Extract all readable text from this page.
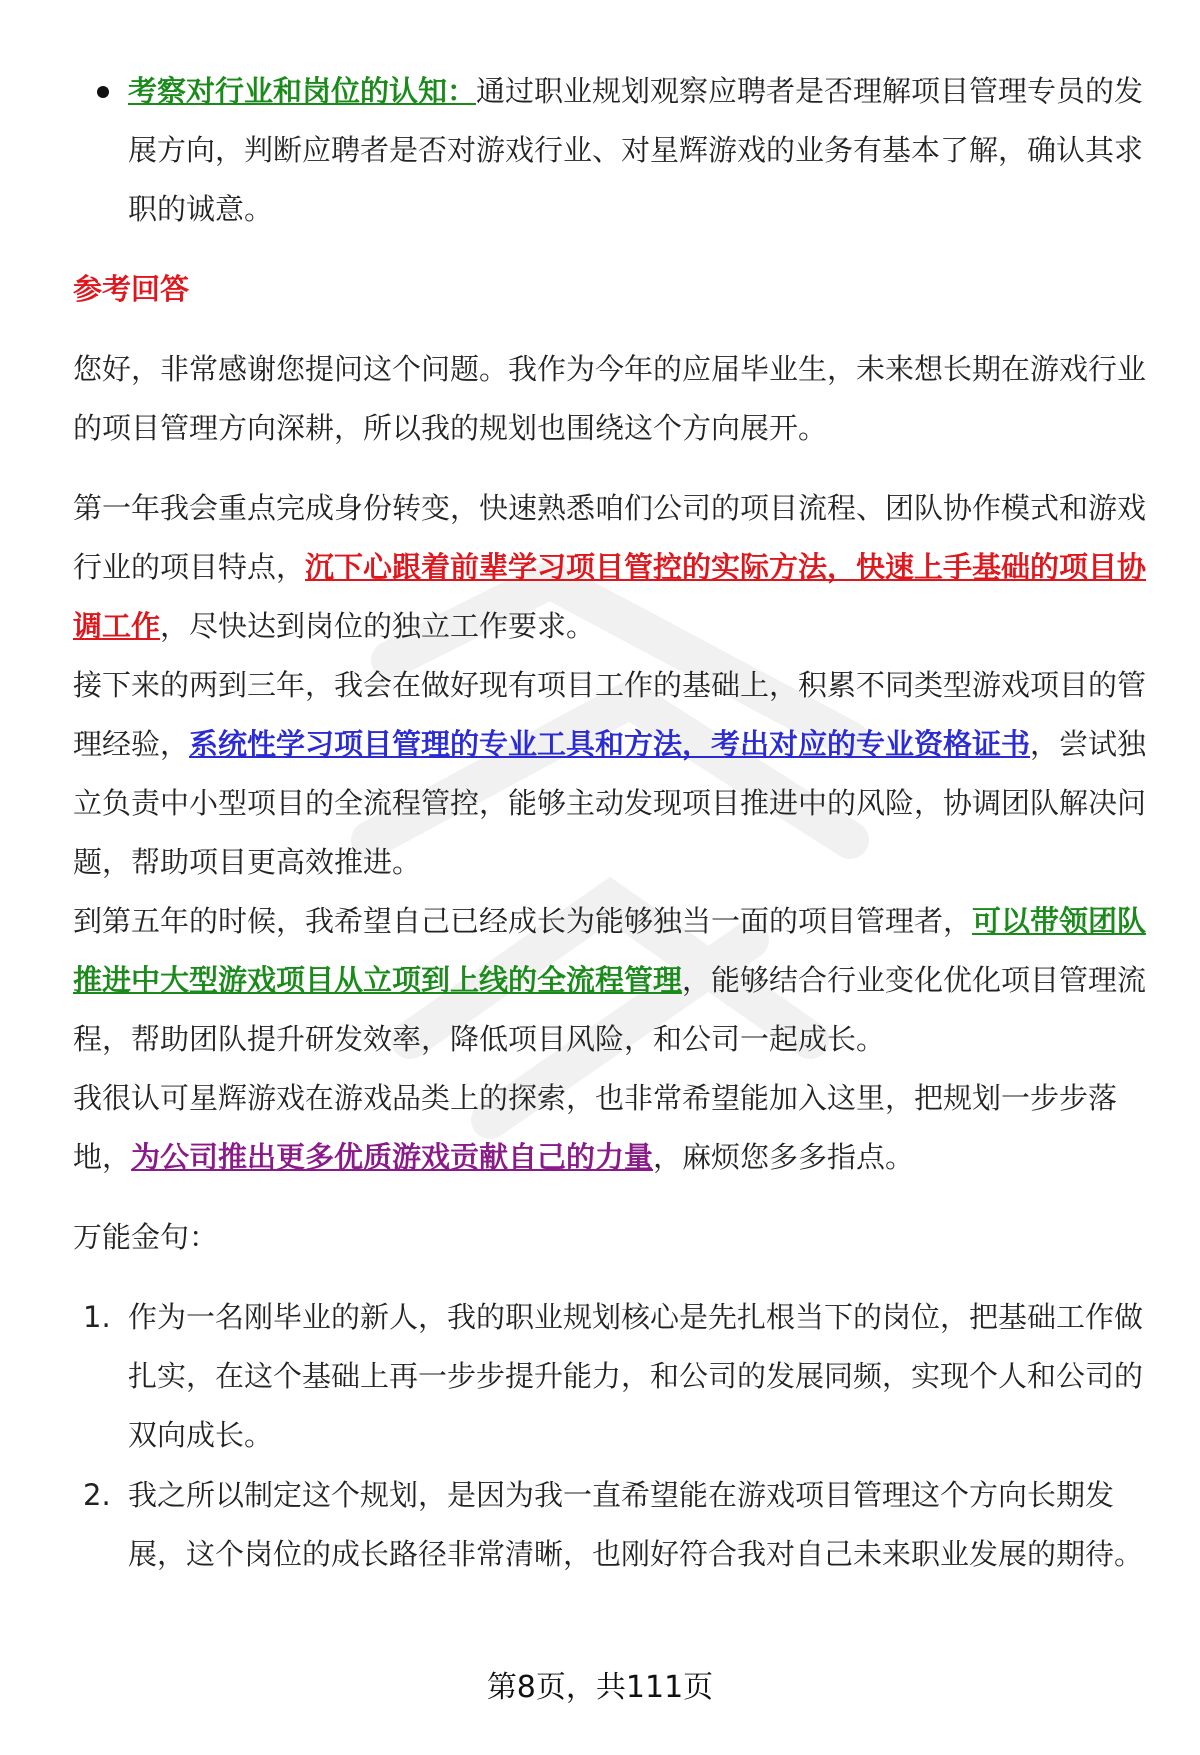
考察对行业和岗位的认知：通过职业规划观察应聘者是否理解项目管理专员的发展方向，判断应聘者是否对游戏行业、对星辉游戏的业务有基本了解，确认其求职的诚意。
参考回答

您好，非常感谢您提问这个问题。我作为今年的应届毕业生，未来想长期在游戏行业的项目管理方向深耕，所以我的规划也围绕这个方向展开。

第一年我会重点完成身份转变，快速熟悉咱们公司的项目流程、团队协作模式和游戏行业的项目特点，沉下心跟着前辈学习项目管控的实际方法，快速上手基础的项目协调工作，尽快达到岗位的独立工作要求。

接下来的两到三年，我会在做好现有项目工作的基础上，积累不同类型游戏项目的管理经验，系统性学习项目管理的专业工具和方法，考出对应的专业资格证书，尝试独立负责中小型项目的全流程管控，能够主动发现项目推进中的风险，协调团队解决问题，帮助项目更高效推进。

到第五年的时候，我希望自己已经成长为能够独当一面的项目管理者，可以带领团队推进中大型游戏项目从立项到上线的全流程管理，能够结合行业变化优化项目管理流程，帮助团队提升研发效率，降低项目风险，和公司一起成长。

我很认可星辉游戏在游戏品类上的探索，也非常希望能加入这里，把规划一步步落地，为公司推出更多优质游戏贡献自己的力量，麻烦您多多指点。

万能金句：

1. 作为一名刚毕业的新人，我的职业规划核心是先扎根当下的岗位，把基础工作做扎实，在这个基础上再一步步提升能力，和公司的发展同频，实现个人和公司的双向成长。
2. 我之所以制定这个规划，是因为我一直希望能在游戏项目管理这个方向长期发展，这个岗位的成长路径非常清晰，也刚好符合我对自己未来职业发展的期待。
第8页，共111页
